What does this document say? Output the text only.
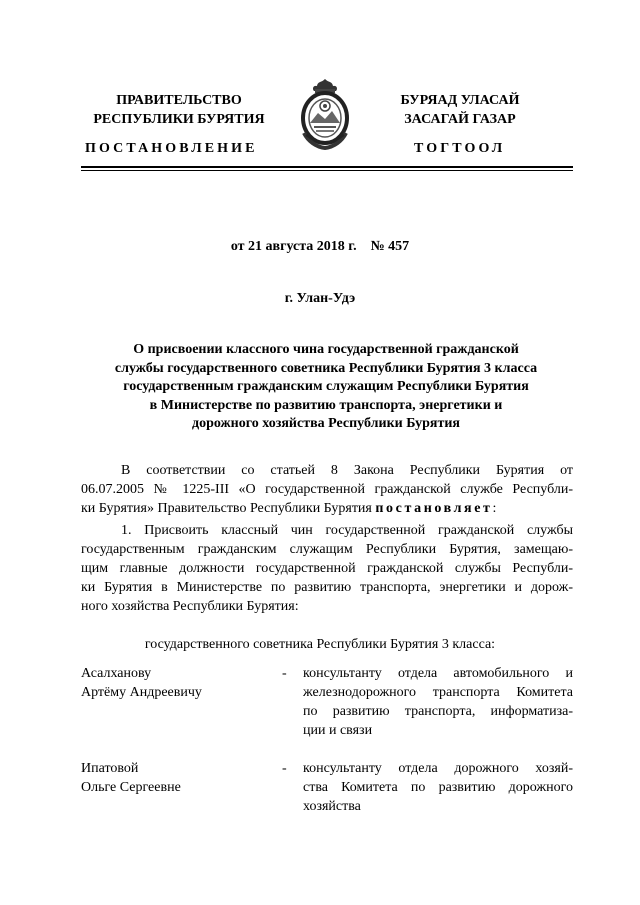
ПРАВИТЕЛЬСТВО
РЕСПУБЛИКИ БУРЯТИЯ
БУРЯАД УЛАСАЙ
ЗАСАГАЙ ГАЗАР
ПОСТАНОВЛЕНИЕ	ТОГТООЛ
от 21 августа 2018 г. № 457
г. Улан-Удэ
О присвоении классного чина государственной гражданской
службы государственного советника Республики Бурятия 3 класса
государственным гражданским служащим Республики Бурятия
в Министерстве по развитию транспорта, энергетики и
дорожного хозяйства Республики Бурятия
В соответствии со статьей 8 Закона Республики Бурятия от
06.07.2005 № 1225-III «О государственной гражданской службе Республи-
ки Бурятия» Правительство Республики Бурятия постановляет:
1. Присвоить классный чин государственной гражданской службы
государственным гражданским служащим Республики Бурятия, замещаю-
щим главные должности государственной гражданской службы Республи-
ки Бурятия в Министерстве по развитию транспорта, энергетики и дорож-
ного хозяйства Республики Бурятия:
государственного советника Республики Бурятия 3 класса:
Асалханову
Артёму Андреевичу
- консультанту отдела автомобильного и
железнодорожного транспорта Комитета
по развитию транспорта, информатиза-
ции и связи
Ипатовой
Ольге Сергеевне
- консультанту отдела дорожного хозяй-
ства Комитета по развитию дорожного
хозяйства
